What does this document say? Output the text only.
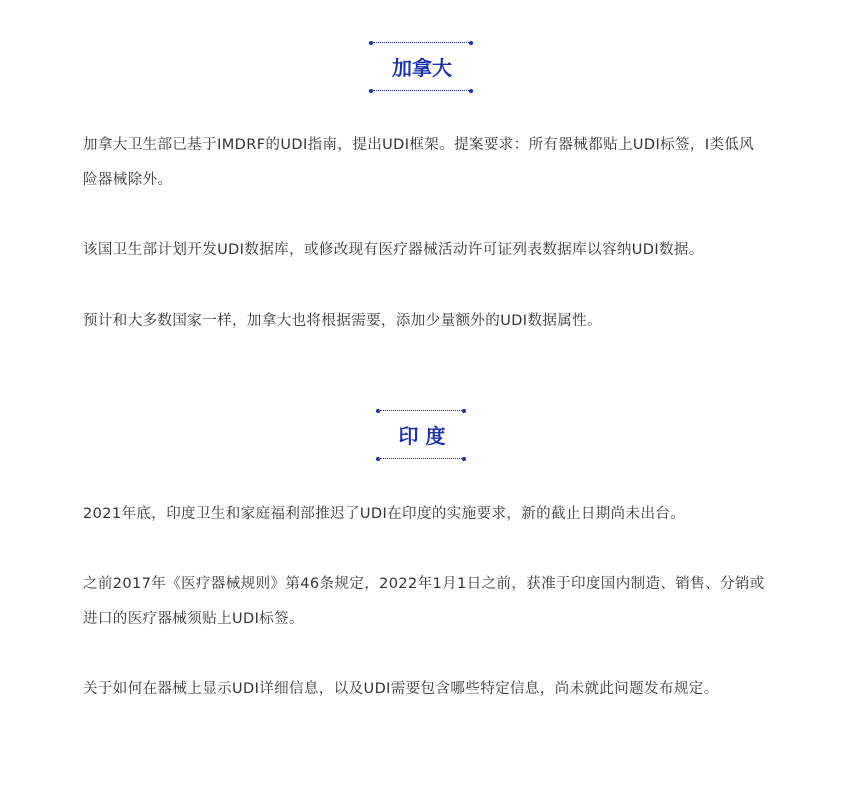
加拿大

加拿大卫生部已基于IMDRF的UDI指南，提出UDI框架。提案要求：所有器械都贴上UDI标签，I类低风险器械除外。

该国卫生部计划开发UDI数据库，或修改现有医疗器械活动许可证列表数据库以容纳UDI数据。

预计和大多数国家一样，加拿大也将根据需要，添加少量额外的UDI数据属性。

印 度

2021年底，印度卫生和家庭福利部推迟了UDI在印度的实施要求，新的截止日期尚未出台。

之前2017年《医疗器械规则》第46条规定，2022年1月1日之前，获准于印度国内制造、销售、分销或进口的医疗器械须贴上UDI标签。

关于如何在器械上显示UDI详细信息，以及UDI需要包含哪些特定信息，尚未就此问题发布规定。
